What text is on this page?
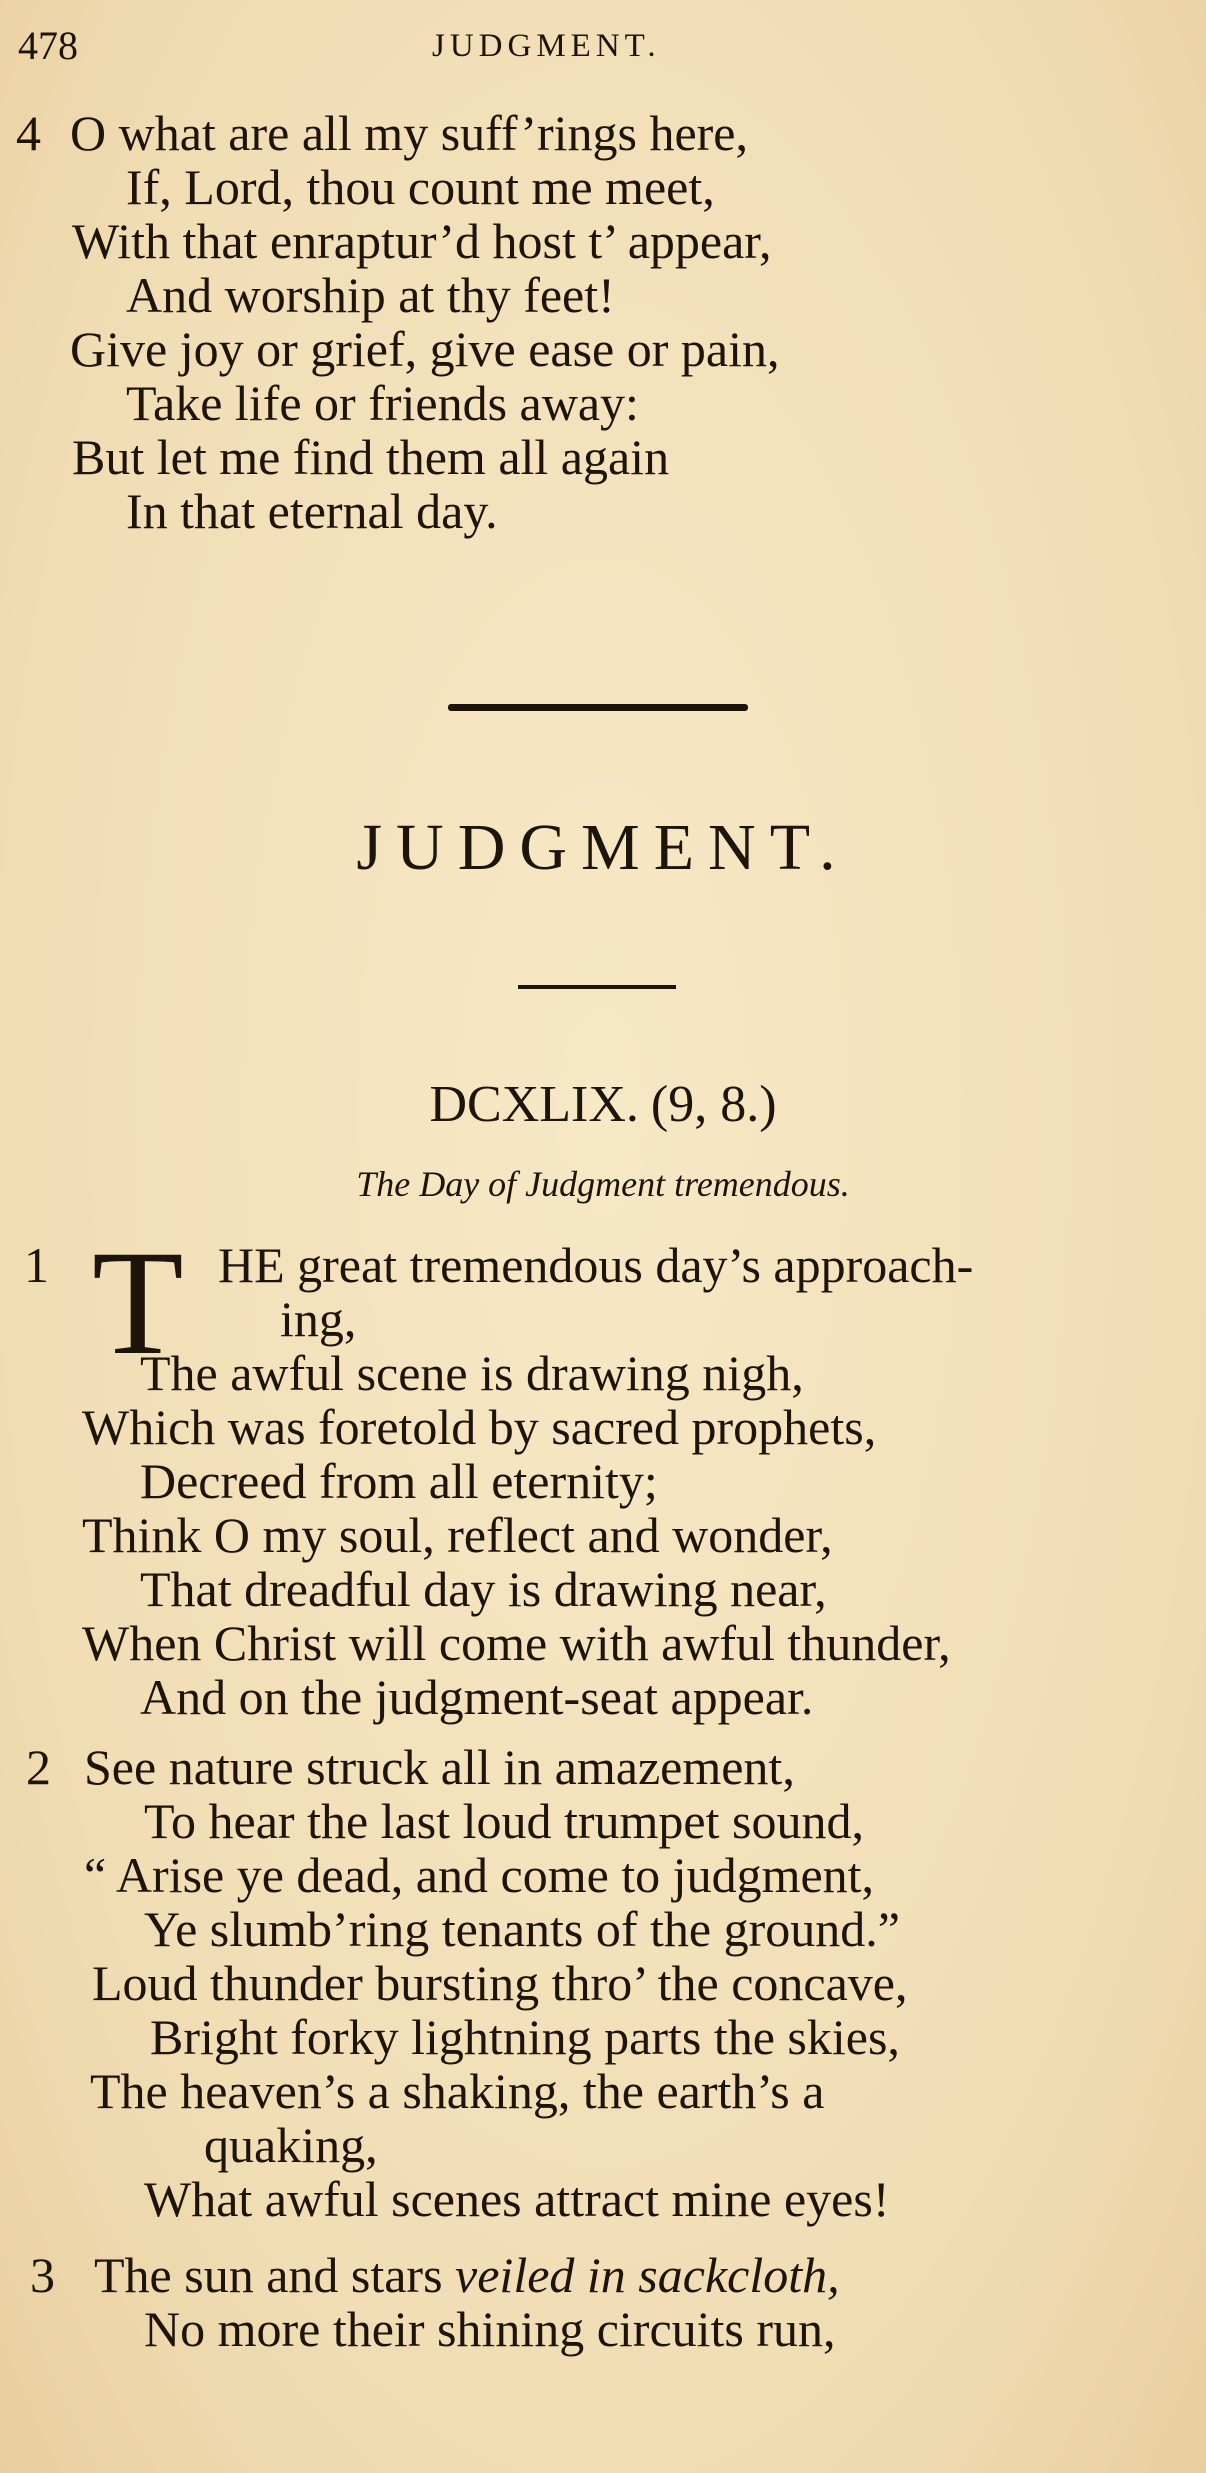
478	JUDGMENT.
4 O what are all my suff’rings here,
If, Lord, thou count me meet,
With that enraptur’d host t’ appear,
And worship at thy feet!
Give joy or grief, give ease or pain,
Take life or friends away:
But let me find them all again
In that eternal day.
JUDGMENT.
DCXLIX. (9, 8.)
The Day of Judgment tremendous.
1 T HE great tremendous day’s approach-
ing,
The awful scene is drawing nigh,
Which was foretold by sacred prophets,
Decreed from all eternity;
Think O my soul, reflect and wonder,
That dreadful day is drawing near,
When Christ will come with awful thunder,
And on the judgment-seat appear.
2 See nature struck all in amazement,
To hear the last loud trumpet sound,
“ Arise ye dead, and come to judgment,
Ye slumb’ring tenants of the ground.”
Loud thunder bursting thro’ the concave,
Bright forky lightning parts the skies,
The heaven’s a shaking, the earth’s a
quaking,
What awful scenes attract mine eyes!
3 The sun and stars veiled in sackcloth,
No more their shining circuits run,
